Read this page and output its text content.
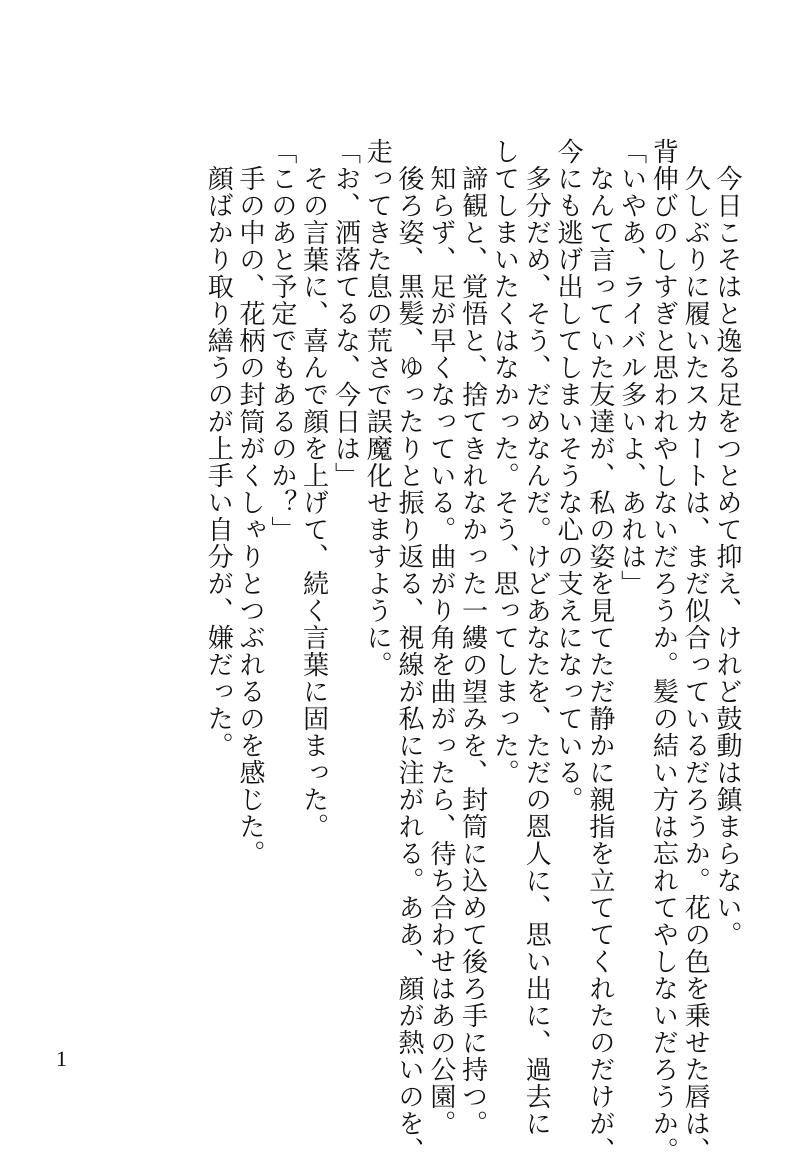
　今日こそはと逸る足をつとめて抑え、けれど鼓動は鎮まらない。
　久しぶりに履いたスカートは、まだ似合っているだろうか。花の色を乗せた唇は、
背伸びのしすぎと思われやしないだろうか。髪の結い方は忘れてやしないだろうか。
「いやあ、ライバル多いよ、あれは」
　なんて言っていた友達が、私の姿を見てただ静かに親指を立ててくれたのだけが、
今にも逃げ出してしまいそうな心の支えになっている。
　多分だめ、そう、だめなんだ。けどあなたを、ただの恩人に、思い出に、過去に
してしまいたくはなかった。そう、思ってしまった。
　諦観と、覚悟と、捨てきれなかった一縷の望みを、封筒に込めて後ろ手に持つ。
　知らず、足が早くなっている。曲がり角を曲がったら、待ち合わせはあの公園。
　後ろ姿、黒髪、ゆったりと振り返る、視線が私に注がれる。ああ、顔が熱いのを、
走ってきた息の荒さで誤魔化せますように。
「お、洒落てるな、今日は」
　その言葉に、喜んで顔を上げて、続く言葉に固まった。
「このあと予定でもあるのか？」
　手の中の、花柄の封筒がくしゃりとつぶれるのを感じた。
　顔ばかり取り繕うのが上手い自分が、嫌だった。
1
